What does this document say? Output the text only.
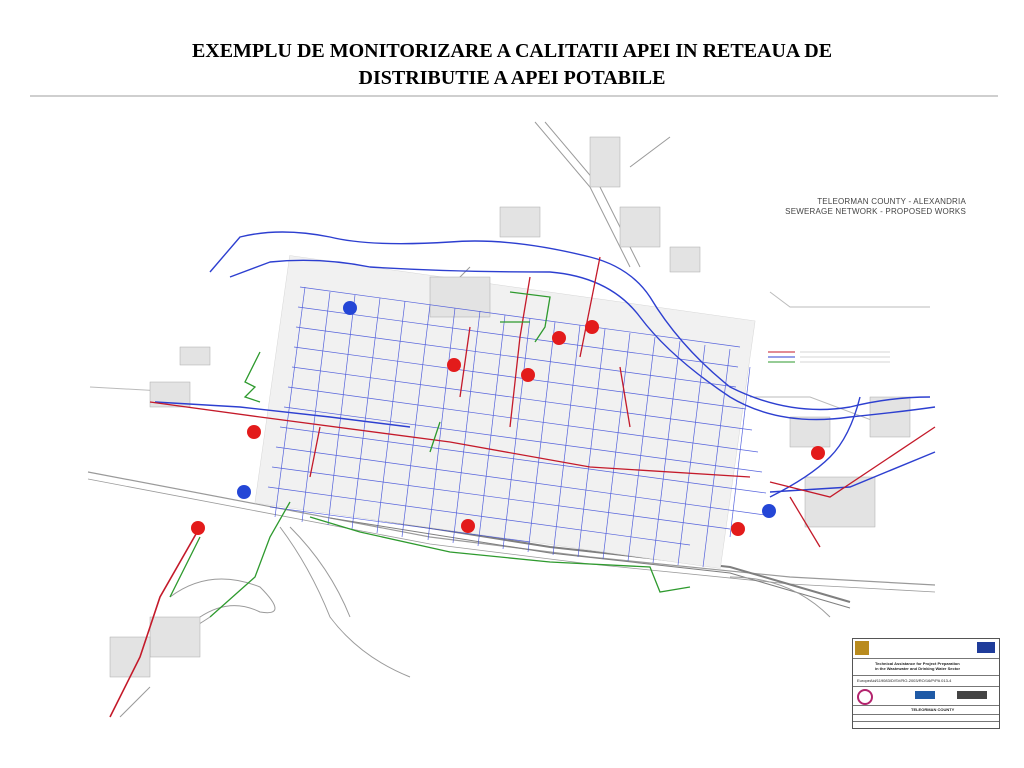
EXEMPLU DE MONITORIZARE A CALITATII APEI IN RETEAUA DE
DISTRIBUTIE A APEI POTABILE
TELEORMAN COUNTY - ALEXANDRIA
SEWERAGE NETWORK - PROPOSED WORKS
Technical Assistance for Project Preparation
in the Wastewater and Drinking Water Sector
EuropeAid/119083/D/SV/RO-2003/RO/16/P/PA 013-4
TELEORMAN COUNTY
